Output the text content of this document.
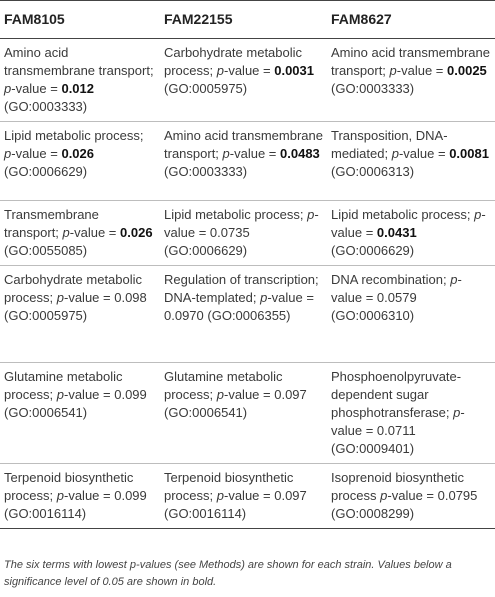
FAM8105	FAM22155	FAM8627
Amino acid transmembrane transport; p-value = 0.012 (GO:0003333)	Carbohydrate metabolic process; p-value = 0.0031 (GO:0005975)	Amino acid transmembrane transport; p-value = 0.0025 (GO:0003333)
Lipid metabolic process; p-value = 0.026 (GO:0006629)	Amino acid transmembrane transport; p-value = 0.0483 (GO:0003333)	Transposition, DNA-mediated; p-value = 0.0081 (GO:0006313)
Transmembrane transport; p-value = 0.026 (GO:0055085)	Lipid metabolic process; p-value = 0.0735 (GO:0006629)	Lipid metabolic process; p-value = 0.0431 (GO:0006629)
Carbohydrate metabolic process; p-value = 0.098 (GO:0005975)	Regulation of transcription; DNA-templated; p-value = 0.0970 (GO:0006355)	DNA recombination; p-value = 0.0579 (GO:0006310)
Glutamine metabolic process; p-value = 0.099 (GO:0006541)	Glutamine metabolic process; p-value = 0.097 (GO:0006541)	Phosphoenolpyruvate-dependent sugar phosphotransferase; p-value = 0.0711 (GO:0009401)
Terpenoid biosynthetic process; p-value = 0.099 (GO:0016114)	Terpenoid biosynthetic process; p-value = 0.097 (GO:0016114)	Isoprenoid biosynthetic process p-value = 0.0795 (GO:0008299)
The six terms with lowest p-values (see Methods) are shown for each strain. Values below a significance level of 0.05 are shown in bold.
